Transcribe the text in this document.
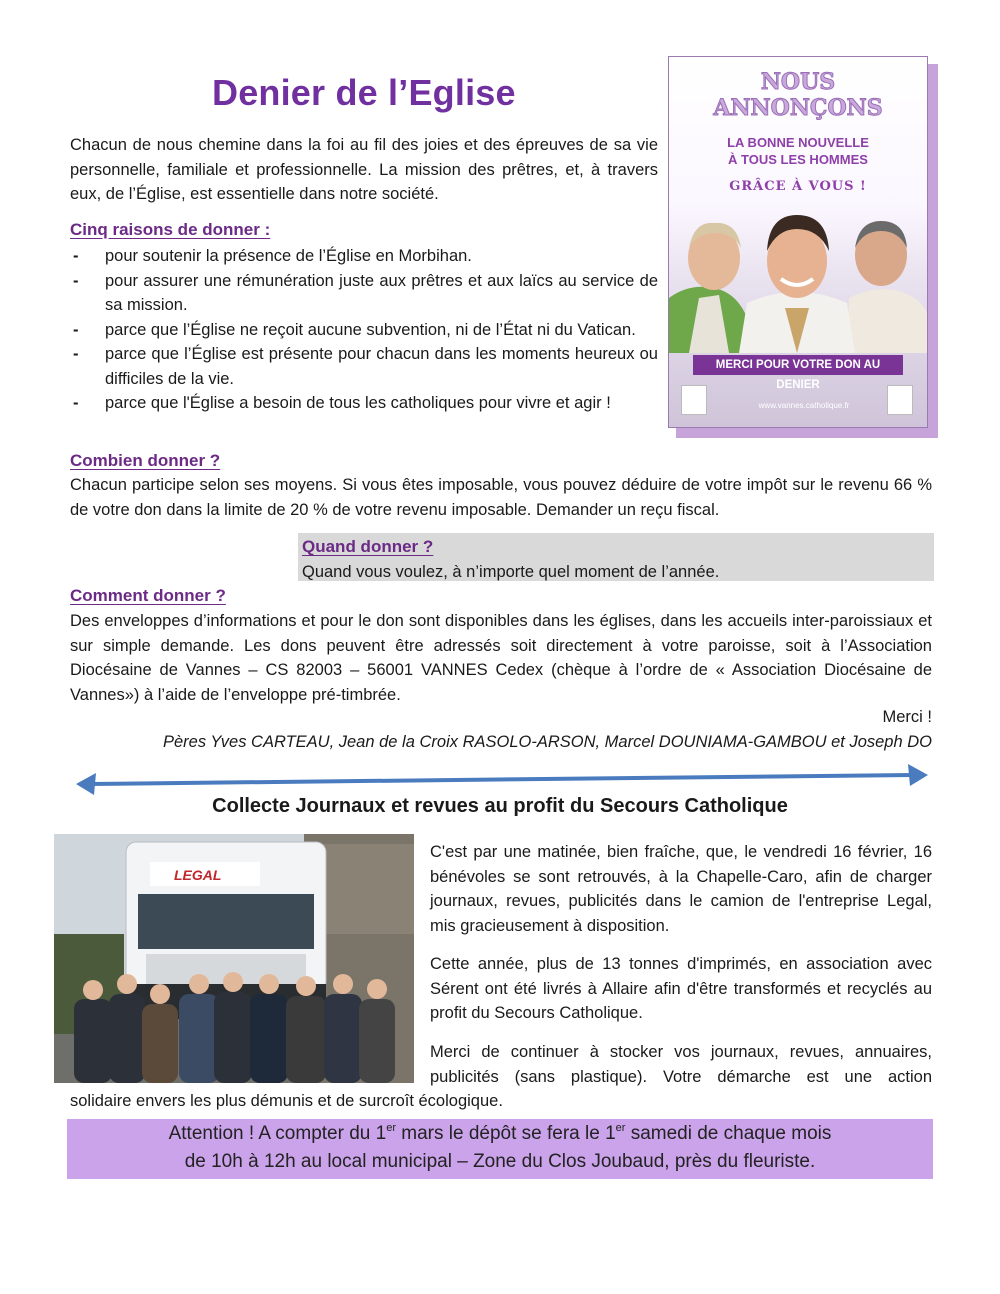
Denier de l’Eglise

Chacun de nous chemine dans la foi au fil des joies et des épreuves de sa vie personnelle, familiale et professionnelle. La mission des prêtres, et, à travers eux, de l’Église, est essentielle dans notre société.

Cinq raisons de donner :
- pour soutenir la présence de l’Église en Morbihan.
- pour assurer une rémunération juste aux prêtres et aux laïcs au service de sa mission.
- parce que l’Église ne reçoit aucune subvention, ni de l’État ni du Vatican.
- parce que l’Église est présente pour chacun dans les moments heureux ou difficiles de la vie.
- parce que l'Église a besoin de tous les catholiques pour vivre et agir !
NOUS
ANNONÇONS
LA BONNE NOUVELLE
À TOUS LES HOMMES
GRÂCE À VOUS !
MERCI POUR VOTRE DON AU DENIER
www.vannes.catholique.fr
Combien donner ?

Chacun participe selon ses moyens. Si vous êtes imposable, vous pouvez déduire de votre impôt sur le revenu 66 % de votre don dans la limite de 20 % de votre revenu imposable. Demander un reçu fiscal.

Quand donner ?
Quand vous voulez, à n’importe quel moment de l’année.
Comment donner ?

Des enveloppes d’informations et pour le don sont disponibles dans les églises, dans les accueils inter-paroissiaux et sur simple demande. Les dons peuvent être adressés soit directement à votre paroisse, soit à l’Association Diocésaine de Vannes – CS 82003 – 56001 VANNES Cedex (chèque à l’ordre de « Association Diocésaine de Vannes») à l’aide de l’enveloppe pré-timbrée.

Merci !
Pères Yves CARTEAU, Jean de la Croix RASOLO-ARSON, Marcel DOUNIAMA-GAMBOU et Joseph DO
Collecte Journaux et revues au profit du Secours Catholique
LEGAL

C'est par une matinée, bien fraîche, que, le vendredi 16 février, 16 bénévoles se sont retrouvés, à la Chapelle-Caro, afin de charger journaux, revues, publicités dans le camion de l'entreprise Legal, mis gracieusement à disposition.

Cette année, plus de 13 tonnes d'imprimés, en association avec Sérent ont été livrés à Allaire afin d'être transformés et recyclés au profit du Secours Catholique.

Merci de continuer à stocker vos journaux, revues, annuaires, publicités (sans plastique). Votre démarche est une action

solidaire envers les plus démunis et de surcroît écologique.

Attention ! A compter du 1er mars le dépôt se fera le 1er samedi de chaque mois
de 10h à 12h au local municipal – Zone du Clos Joubaud, près du fleuriste.
